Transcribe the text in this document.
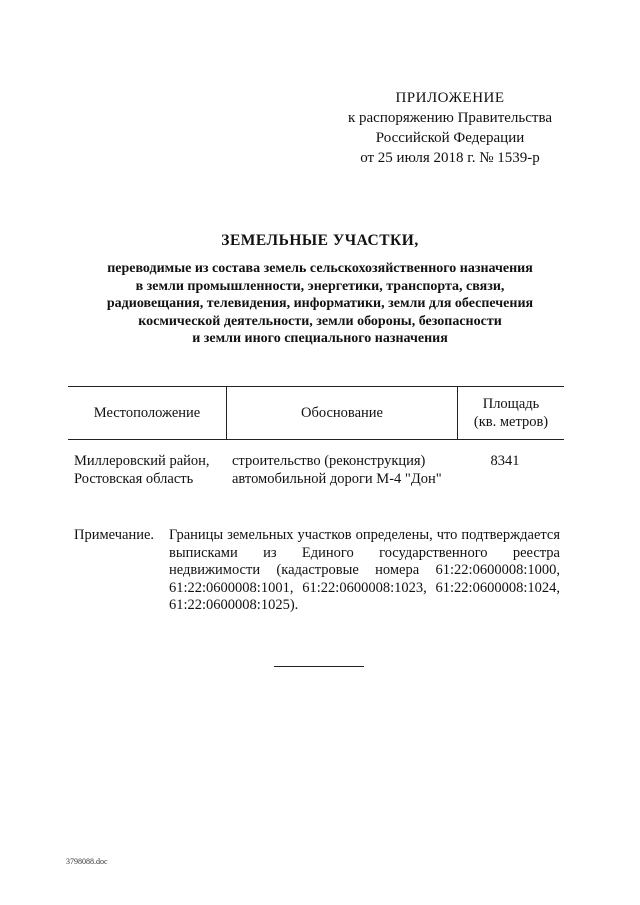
ПРИЛОЖЕНИЕ
к распоряжению Правительства
Российской Федерации
от 25 июля 2018 г. № 1539-р
ЗЕМЕЛЬНЫЕ УЧАСТКИ,
переводимые из состава земель сельскохозяйственного назначения
в земли промышленности, энергетики, транспорта, связи,
радиовещания, телевидения, информатики, земли для обеспечения
космической деятельности, земли обороны, безопасности
и земли иного специального назначения
Местоположение	Обоснование
Площадь
(кв. метров)
Миллеровский район,
Ростовская область
строительство (реконструкция)
автомобильной дороги М-4 "Дон"
8341
Примечание.	Границы земельных участков определены, что подтверждается выписками из Единого государственного реестра недвижимости (кадастровые номера 61:22:0600008:1000, 61:22:0600008:1001, 61:22:0600008:1023, 61:22:0600008:1024, 61:22:0600008:1025).
3798088.doc
